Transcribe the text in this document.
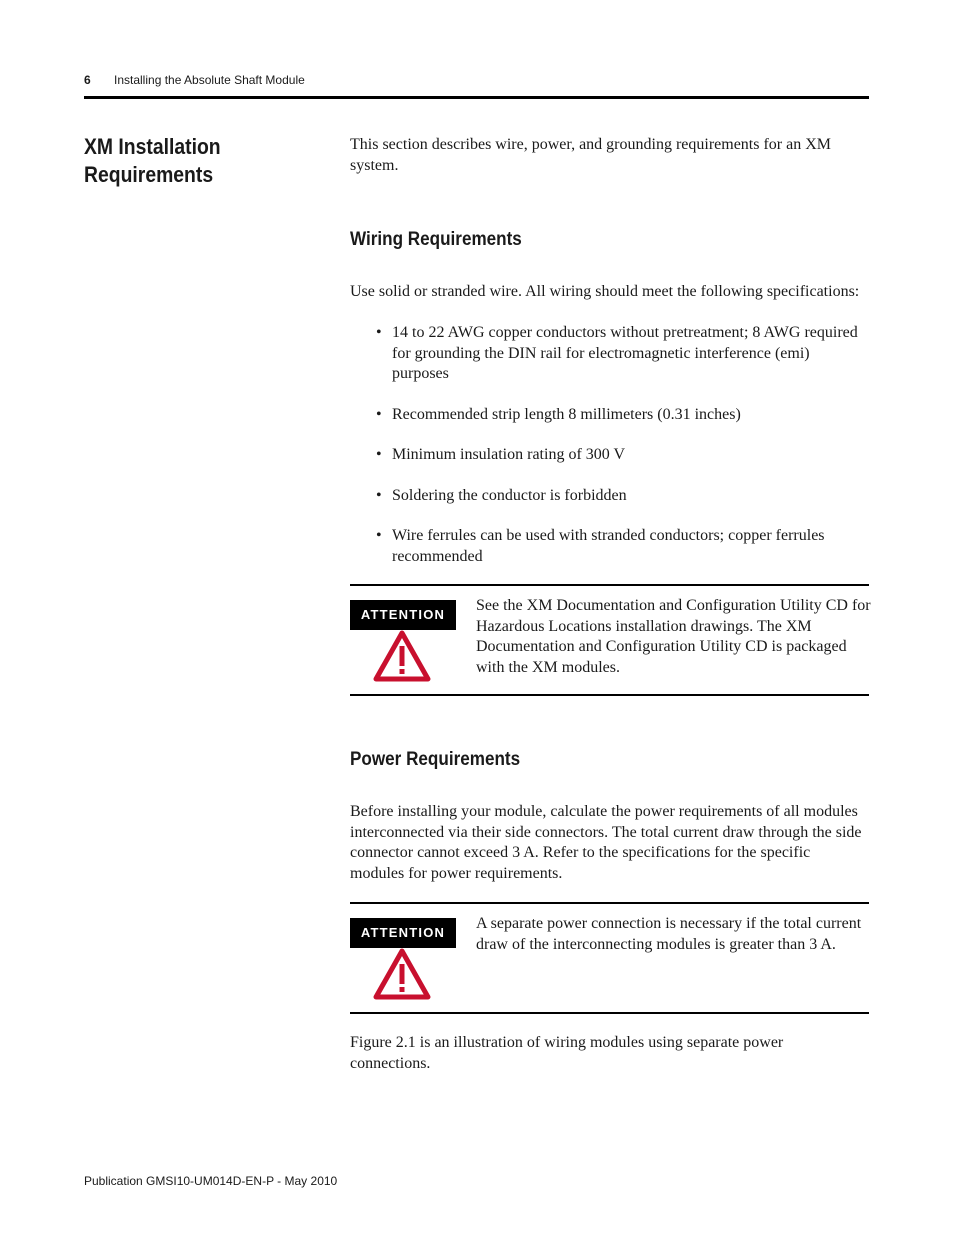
6 Installing the Absolute Shaft Module
XM Installation Requirements
This section describes wire, power, and grounding requirements for an XM system.
Wiring Requirements
Use solid or stranded wire. All wiring should meet the following specifications:
• 14 to 22 AWG copper conductors without pretreatment; 8 AWG required for grounding the DIN rail for electromagnetic interference (emi) purposes
• Recommended strip length 8 millimeters (0.31 inches)
• Minimum insulation rating of 300 V
• Soldering the conductor is forbidden
• Wire ferrules can be used with stranded conductors; copper ferrules recommended
ATTENTION
See the XM Documentation and Configuration Utility CD for Hazardous Locations installation drawings. The XM Documentation and Configuration Utility CD is packaged with the XM modules.
Power Requirements
Before installing your module, calculate the power requirements of all modules interconnected via their side connectors. The total current draw through the side connector cannot exceed 3 A. Refer to the specifications for the specific modules for power requirements.
ATTENTION
A separate power connection is necessary if the total current draw of the interconnecting modules is greater than 3 A.
Figure 2.1 is an illustration of wiring modules using separate power connections.
Publication GMSI10-UM014D-EN-P - May 2010
